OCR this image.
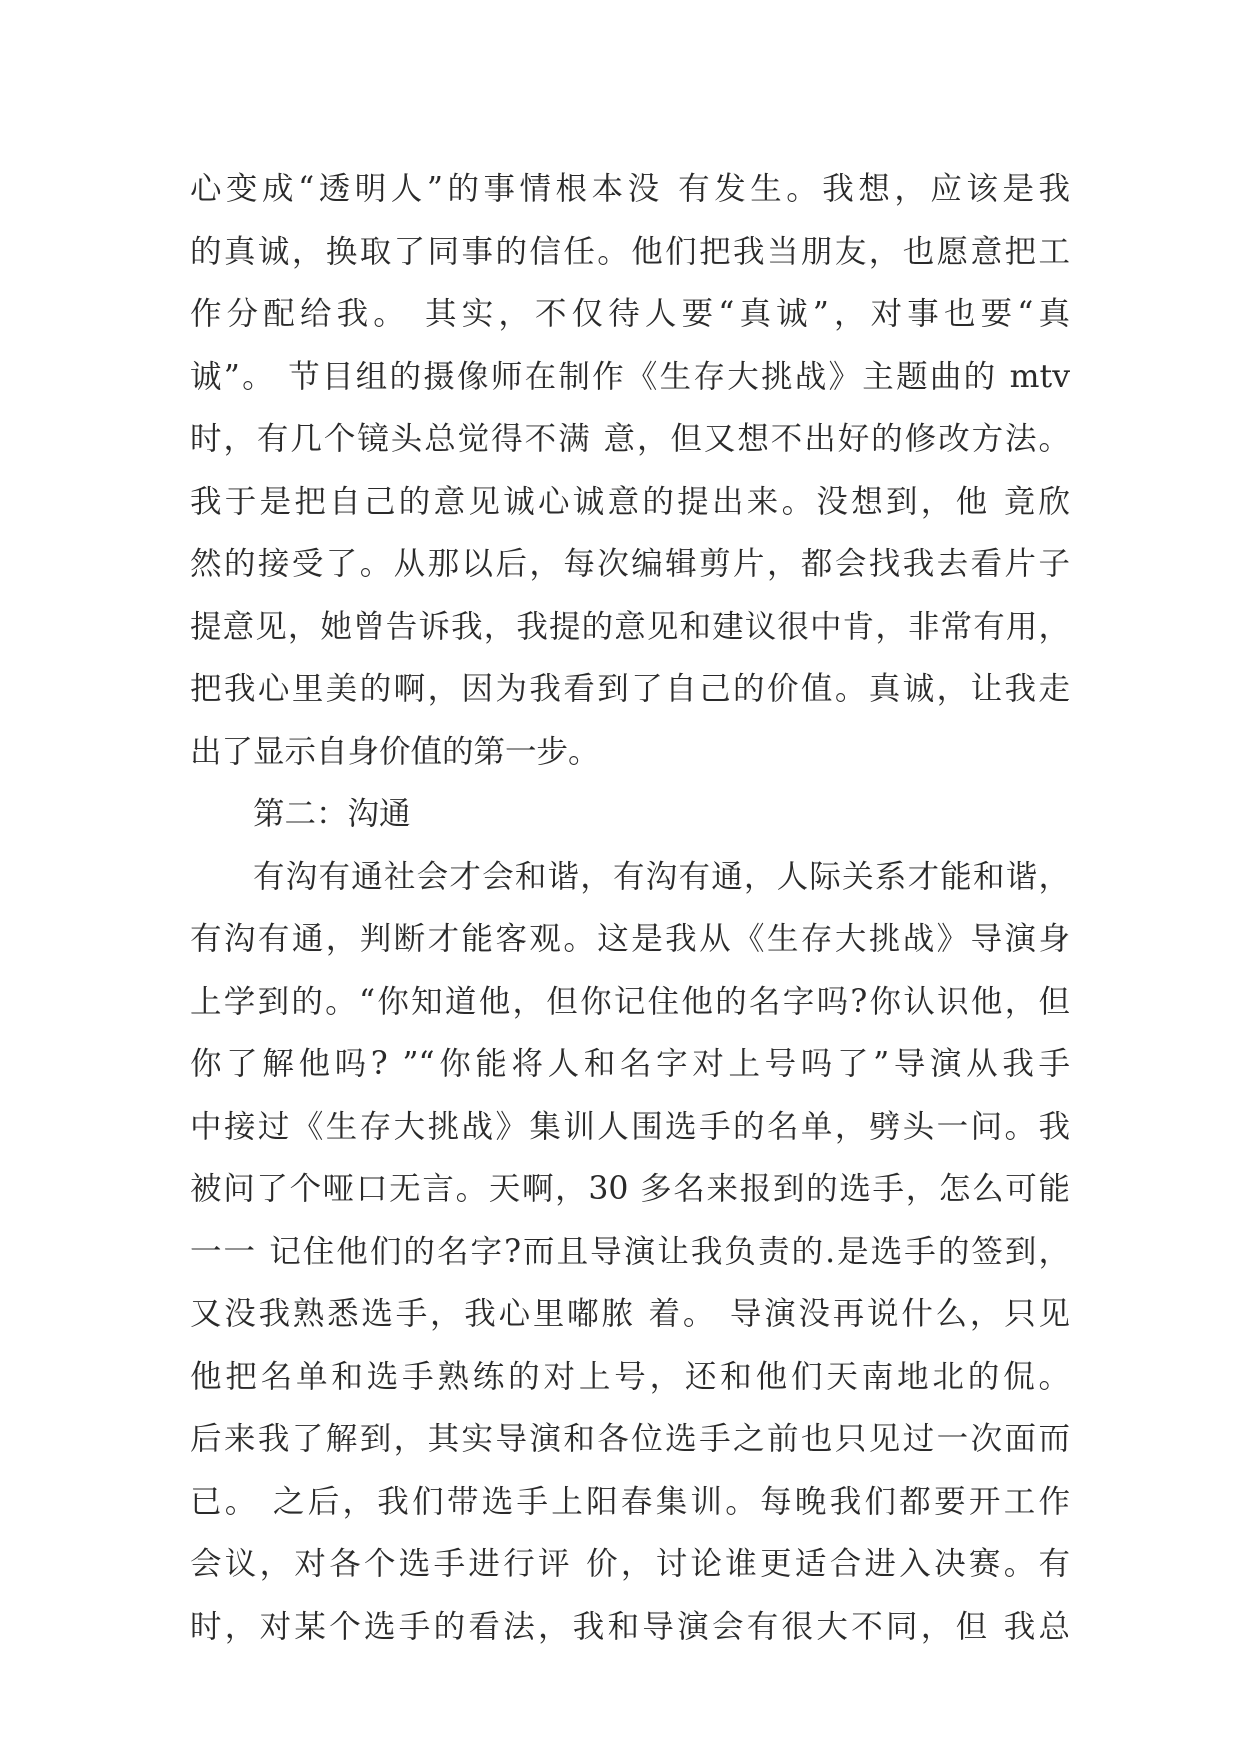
心变成“透明人”的事情根本没 有发生。我想，应该是我
的真诚，换取了同事的信任。他们把我当朋友，也愿意把工
作分配给我。 其实，不仅待人要“真诚”，对事也要“真
诚”。 节目组的摄像师在制作《生存大挑战》主题曲的 mtv
时，有几个镜头总觉得不满 意，但又想不出好的修改方法。
我于是把自己的意见诚心诚意的提出来。没想到，他 竟欣
然的接受了。从那以后，每次编辑剪片，都会找我去看片子
提意见，她曾告诉我，我提的意见和建议很中肯，非常有用，
把我心里美的啊，因为我看到了自己的价值。真诚，让我走
出了显示自身价值的第一步。
第二：沟通
有沟有通社会才会和谐，有沟有通，人际关系才能和谐，
有沟有通，判断才能客观。这是我从《生存大挑战》导演身
上学到的。“你知道他，但你记住他的名字吗?你认识他，但
你了解他吗? ”“你能将人和名字对上号吗了”导演从我手
中接过《生存大挑战》集训人围选手的名单，劈头一问。我
被问了个哑口无言。天啊，30 多名来报到的选手，怎么可能
一一 记住他们的名字?而且导演让我负责的.是选手的签到，
又没我熟悉选手，我心里嘟脓 着。 导演没再说什么，只见
他把名单和选手熟练的对上号，还和他们天南地北的侃。
后来我了解到，其实导演和各位选手之前也只见过一次面而
已。 之后，我们带选手上阳春集训。每晚我们都要开工作
会议，对各个选手进行评 价，讨论谁更适合进入决赛。有
时，对某个选手的看法，我和导演会有很大不同，但 我总
